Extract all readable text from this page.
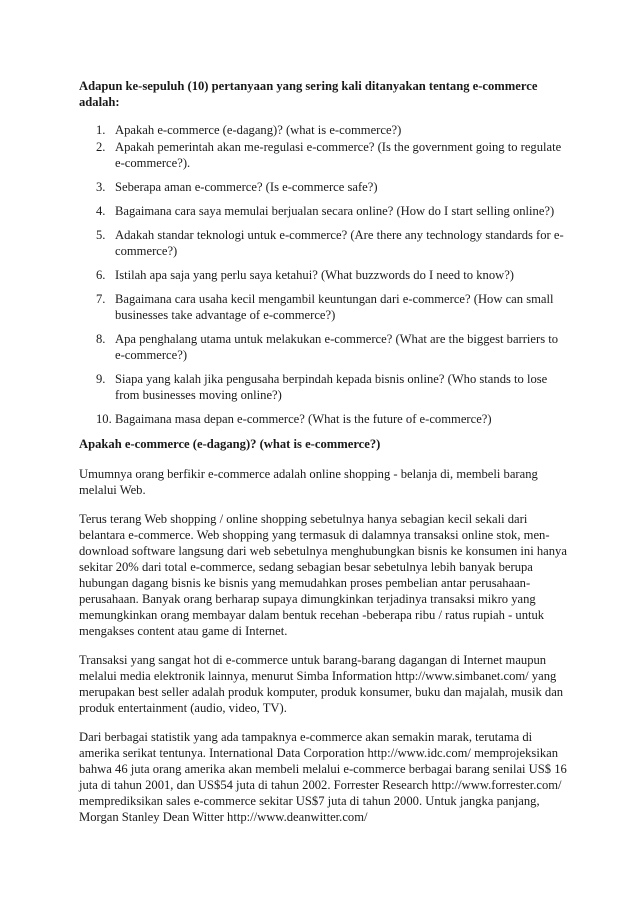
Adapun ke-sepuluh (10) pertanyaan yang sering kali ditanyakan tentang e-commerce adalah:

1. Apakah e-commerce (e-dagang)? (what is e-commerce?)
2. Apakah pemerintah akan me-regulasi e-commerce? (Is the government going to regulate e-commerce?).
3. Seberapa aman e-commerce? (Is e-commerce safe?)
4. Bagaimana cara saya memulai berjualan secara online? (How do I start selling online?)
5. Adakah standar teknologi untuk e-commerce? (Are there any technology standards for e-commerce?)
6. Istilah apa saja yang perlu saya ketahui? (What buzzwords do I need to know?)
7. Bagaimana cara usaha kecil mengambil keuntungan dari e-commerce? (How can small businesses take advantage of e-commerce?)
8. Apa penghalang utama untuk melakukan e-commerce? (What are the biggest barriers to e-commerce?)
9. Siapa yang kalah jika pengusaha berpindah kepada bisnis online? (Who stands to lose from businesses moving online?)
10. Bagaimana masa depan e-commerce? (What is the future of e-commerce?)

Apakah e-commerce (e-dagang)? (what is e-commerce?)

Umumnya orang berfikir e-commerce adalah online shopping - belanja di, membeli barang melalui Web.

Terus terang Web shopping / online shopping sebetulnya hanya sebagian kecil sekali dari belantara e-commerce. Web shopping yang termasuk di dalamnya transaksi online stok, men-download software langsung dari web sebetulnya menghubungkan bisnis ke konsumen ini hanya sekitar 20% dari total e-commerce, sedang sebagian besar sebetulnya lebih banyak berupa hubungan dagang bisnis ke bisnis yang memudahkan proses pembelian antar perusahaan-perusahaan. Banyak orang berharap supaya dimungkinkan terjadinya transaksi mikro yang memungkinkan orang membayar dalam bentuk recehan -beberapa ribu / ratus rupiah - untuk mengakses content atau game di Internet.

Transaksi yang sangat hot di e-commerce untuk barang-barang dagangan di Internet maupun melalui media elektronik lainnya, menurut Simba Information http://www.simbanet.com/ yang merupakan best seller adalah produk komputer, produk konsumer, buku dan majalah, musik dan produk entertainment (audio, video, TV).

Dari berbagai statistik yang ada tampaknya e-commerce akan semakin marak, terutama di amerika serikat tentunya. International Data Corporation http://www.idc.com/ memprojeksikan bahwa 46 juta orang amerika akan membeli melalui e-commerce berbagai barang senilai US$ 16 juta di tahun 2001, dan US$54 juta di tahun 2002. Forrester Research http://www.forrester.com/ memprediksikan sales e-commerce sekitar US$7 juta di tahun 2000. Untuk jangka panjang, Morgan Stanley Dean Witter http://www.deanwitter.com/
